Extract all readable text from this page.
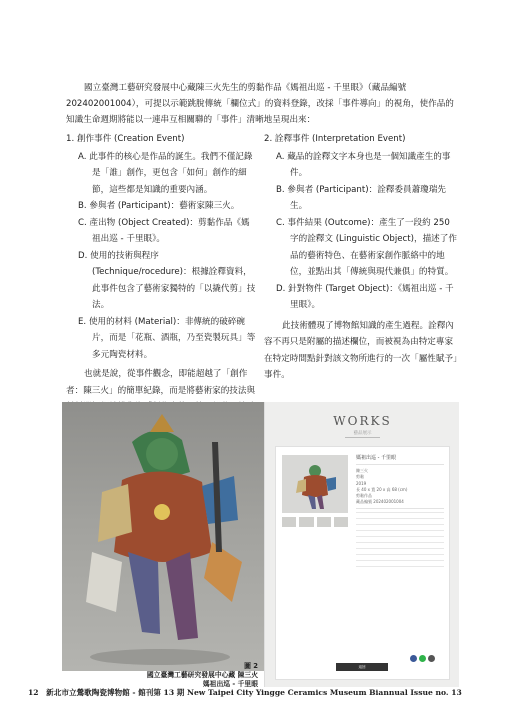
國立臺灣工藝研究發展中心藏陳三火先生的剪黏作品《媽祖出巡 - 千里眼》（藏品編號 202402001004），可提以示範跳脫傳統「欄位式」的資料登錄，改採「事件導向」的視角，使作品的知識生命週期將能以一連串互相關聯的「事件」清晰地呈現出來：

1. 創作事件 (Creation Event)
A. 此事件的核心是作品的誕生。我們不僅記錄是「誰」創作，更包含「如何」創作的細節，這些都是知識的重要內涵。
B. 參與者 (Participant)：藝術家陳三火。
C. 產出物 (Object Created)：剪黏作品《媽祖出巡 - 千里眼》。
D. 使用的技術與程序 (Technique/rocedure)：根據詮釋資料，此事件包含了藝術家獨特的「以撬代剪」技法。
E. 使用的材料 (Material)：非傳統的破碎碗片，而是「花瓶、酒瓶，乃至瓷製玩具」等多元陶瓷材料。

也就是說，從事件觀念，即能超越了「創作者：陳三火」的簡單紀錄，而是將藝術家的技法與

2. 詮釋事件 (Interpretation Event)
A. 藏品的詮釋文字本身也是一個知識產生的事件。
B. 參與者 (Participant)：詮釋委員蕭瓊瑞先生。
C. 事件結果 (Outcome)：產生了一段約 250 字的詮釋文 (Linguistic Object)，描述了作品的藝術特色、在藝術家創作脈絡中的地位，並點出其「傳統與現代兼俱」的特質。
D. 針對物件 (Target Object)：《媽祖出巡 - 千里眼》。

此技術體現了博物館知識的產生過程。詮釋內容不再只是附屬的描述欄位，而被視為由特定專家在特定時間點針對該文物所進行的一次「屬性賦予」事件。

WORKS
藝品展示
媽祖出巡 - 千里眼
陳三火
剪黏
2019
長 40 x 寬 20 x 高 68 (cm)
剪黏作品
藏品編號 202402001004
返回
圖 2
國立臺灣工藝研究發展中心藏 陳三火
媽祖出巡 - 千里眼
12　新北市立鶯歌陶瓷博物館 - 館刊第 13 期 New Taipei City Yingge Ceramics Museum Biannual Issue no. 13
